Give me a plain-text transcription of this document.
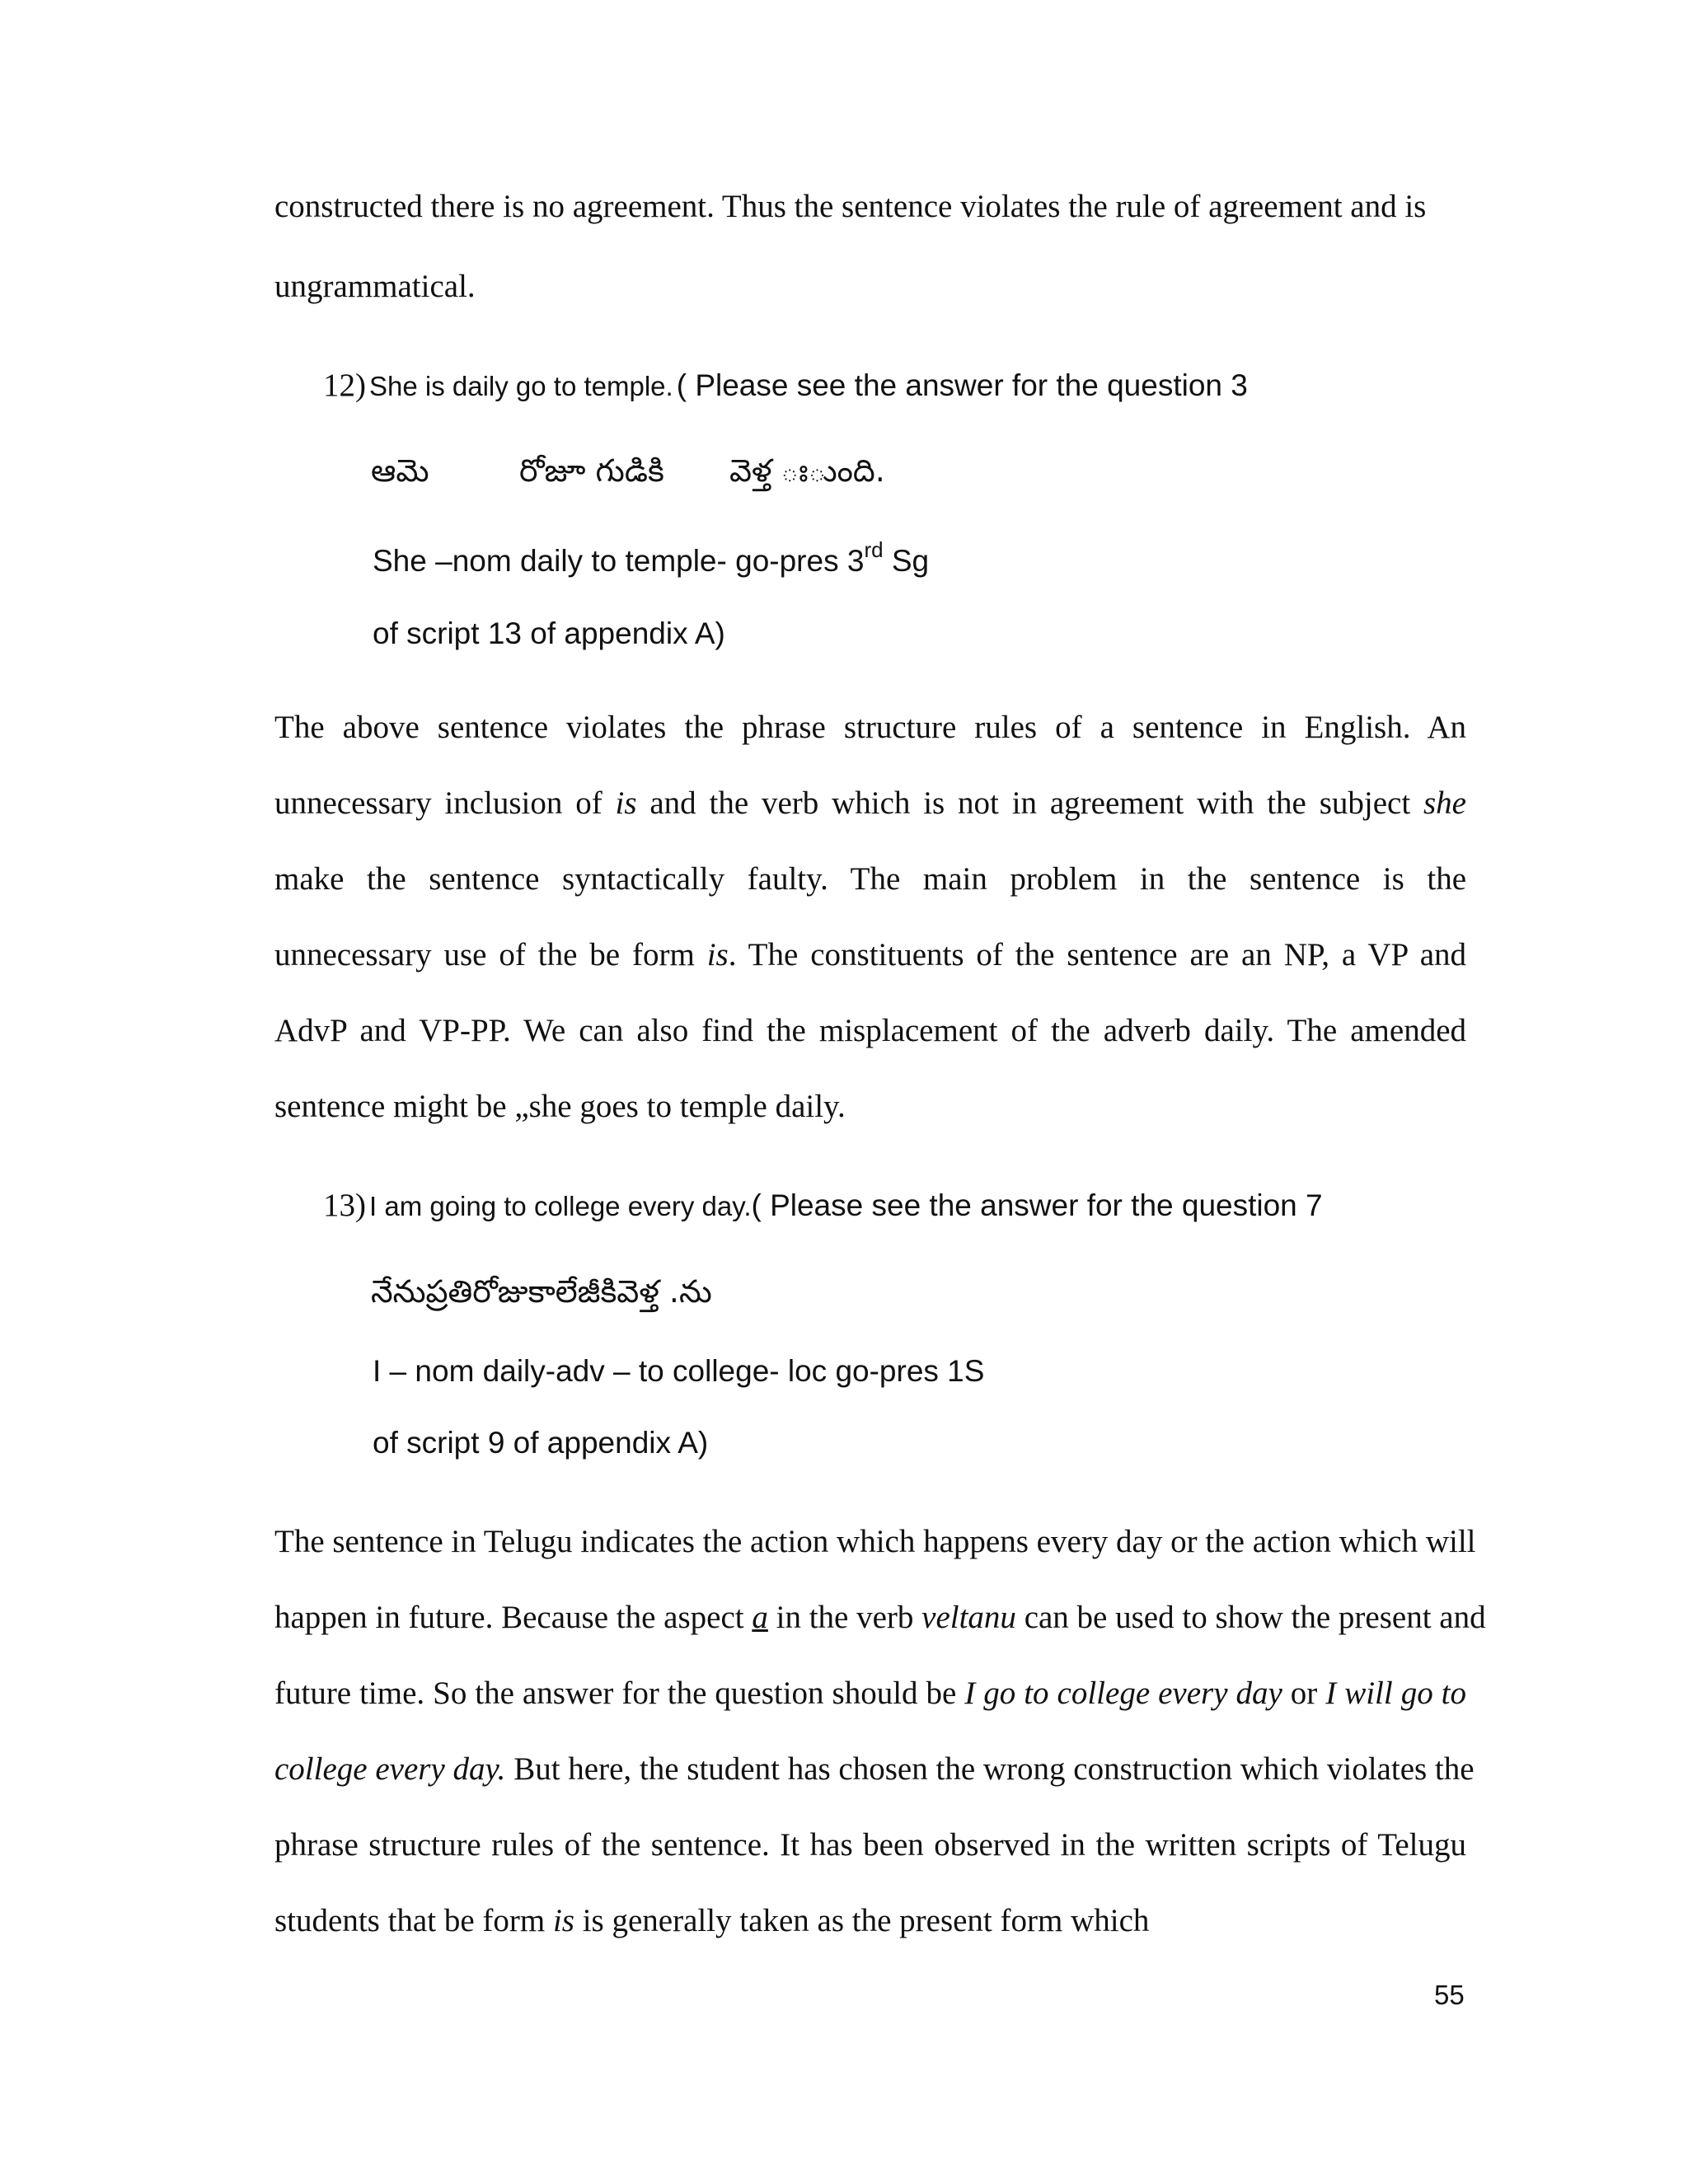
constructed there is no agreement. Thus the sentence violates the rule of agreement and is
ungrammatical.
12) She is daily go to temple. ( Please see the answer for the question 3
ఆమె	రోజూ గుడికి వెళ్త ఃుంది.
She –nom daily to temple- go-pres 3rd Sg
of script 13 of appendix A)
The above sentence violates the phrase structure rules of a sentence in English. An
unnecessary inclusion of is and the verb which is not in agreement with the subject she
make the sentence syntactically faulty. The main problem in the sentence is the
unnecessary use of the be form is. The constituents of the sentence are an NP, a VP and
AdvP and VP-PP. We can also find the misplacement of the adverb daily. The amended
sentence might be „she goes to temple daily.
13) I am going to college every day.( Please see the answer for the question 7
నేనుప్రతిరోజుకాలేజీకివెళ్త .ను
I – nom daily-adv – to college- loc go-pres 1S
of script 9 of appendix A)
The sentence in Telugu indicates the action which happens every day or the action which will
happen in future. Because the aspect a in the verb veltanu can be used to show the present and
future time. So the answer for the question should be I go to college every day or I will go to
college every day. But here, the student has chosen the wrong construction which violates the
phrase structure rules of the sentence. It has been observed in the written scripts of Telugu
students that be form is is generally taken as the present form which
55
